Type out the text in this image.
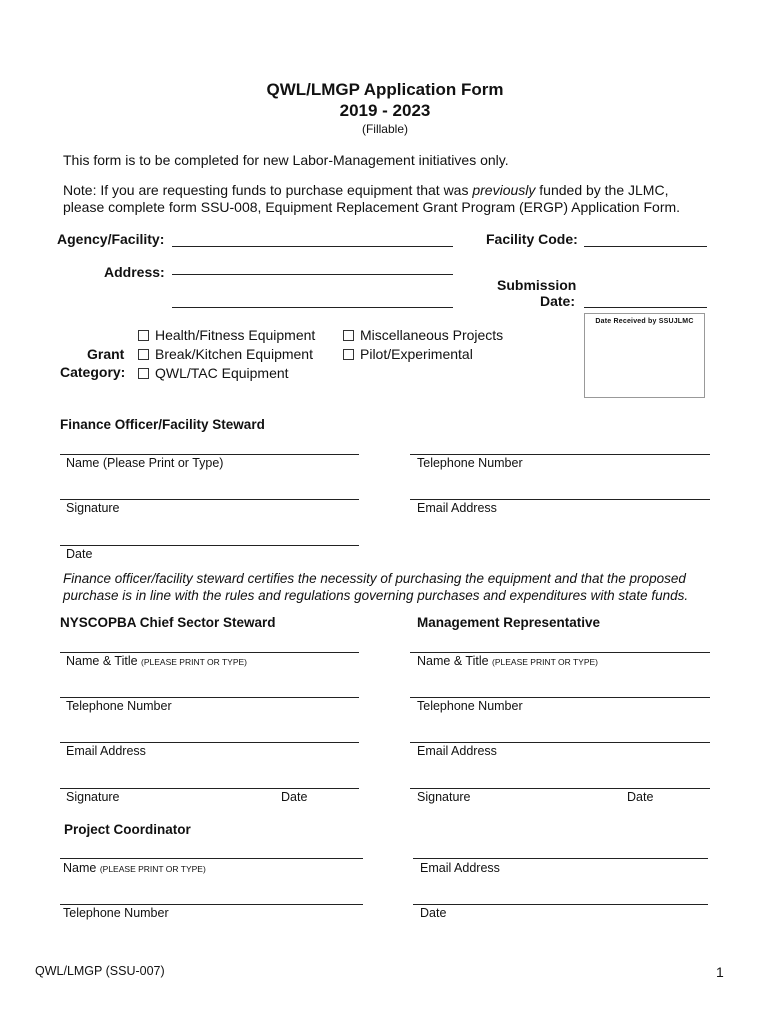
QWL/LMGP Application Form
2019 - 2023
(Fillable)
This form is to be completed for new Labor-Management initiatives only.
Note: If you are requesting funds to purchase equipment that was previously funded by the JLMC,
please complete form SSU-008, Equipment Replacement Grant Program (ERGP) Application Form.
Agency/Facility:	Facility Code:
Address:
Submission
Date:
Date Received by SSUJLMC
Grant
Category:
Health/Fitness Equipment
Break/Kitchen Equipment
QWL/TAC Equipment
Miscellaneous Projects
Pilot/Experimental
Finance Officer/Facility Steward
Name (Please Print or Type)	Telephone Number
Signature	Email Address
Date
Finance officer/facility steward certifies the necessity of purchasing the equipment and that the proposed
purchase is in line with the rules and regulations governing purchases and expenditures with state funds.
NYSCOPBA Chief Sector Steward	Management Representative
Name & Title (PLEASE PRINT OR TYPE)	Name & Title (PLEASE PRINT OR TYPE)
Telephone Number	Telephone Number
Email Address	Email Address
Signature	Date	Signature	Date
Project Coordinator
Name (PLEASE PRINT OR TYPE)	Email Address
Telephone Number	Date
QWL/LMGP (SSU-007)	1
